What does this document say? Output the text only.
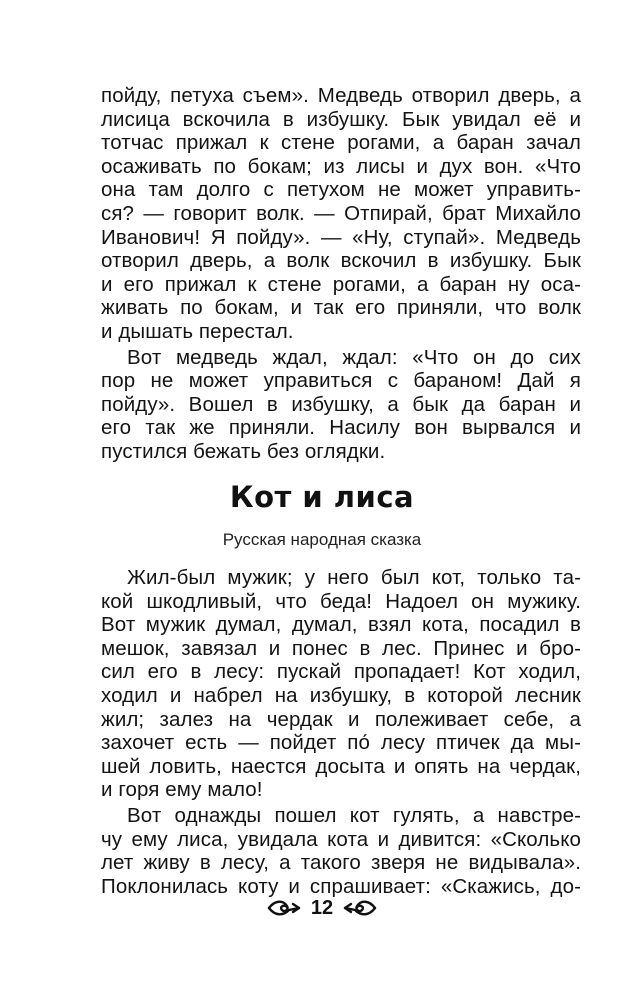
пойду, петуха съем». Медведь отворил дверь, а
лисица вскочила в избушку. Бык увидал её и
тотчас прижал к стене рогами, а баран зачал
осаживать по бокам; из лисы и дух вон. «Что
она там долго с петухом не может управить-
ся? — говорит волк. — Отпирай, брат Михайло
Иванович! Я пойду». — «Ну, ступай». Медведь
отворил дверь, а волк вскочил в избушку. Бык
и его прижал к стене рогами, а баран ну оса-
живать по бокам, и так его приняли, что волк
и дышать перестал.
Вот медведь ждал, ждал: «Что он до сих
пор не может управиться с бараном! Дай я
пойду». Вошел в избушку, а бык да баран и
его так же приняли. Насилу вон вырвался и
пустился бежать без оглядки.
Кот и лиса
Русская народная сказка
Жил-был мужик; у него был кот, только та-
кой шкодливый, что беда! Надоел он мужику.
Вот мужик думал, думал, взял кота, посадил в
мешок, завязал и понес в лес. Принес и бро-
сил его в лесу: пускай пропадает! Кот ходил,
ходил и набрел на избушку, в которой лесник
жил; залез на чердак и полеживает себе, а
захочет есть — пойдет по́ лесу птичек да мы-
шей ловить, наестся досыта и опять на чердак,
и горя ему мало!
Вот однажды пошел кот гулять, а навстре-
чу ему лиса, увидала кота и дивится: «Сколько
лет живу в лесу, а такого зверя не видывала».
Поклонилась коту и спрашивает: «Скажись, до-
12
